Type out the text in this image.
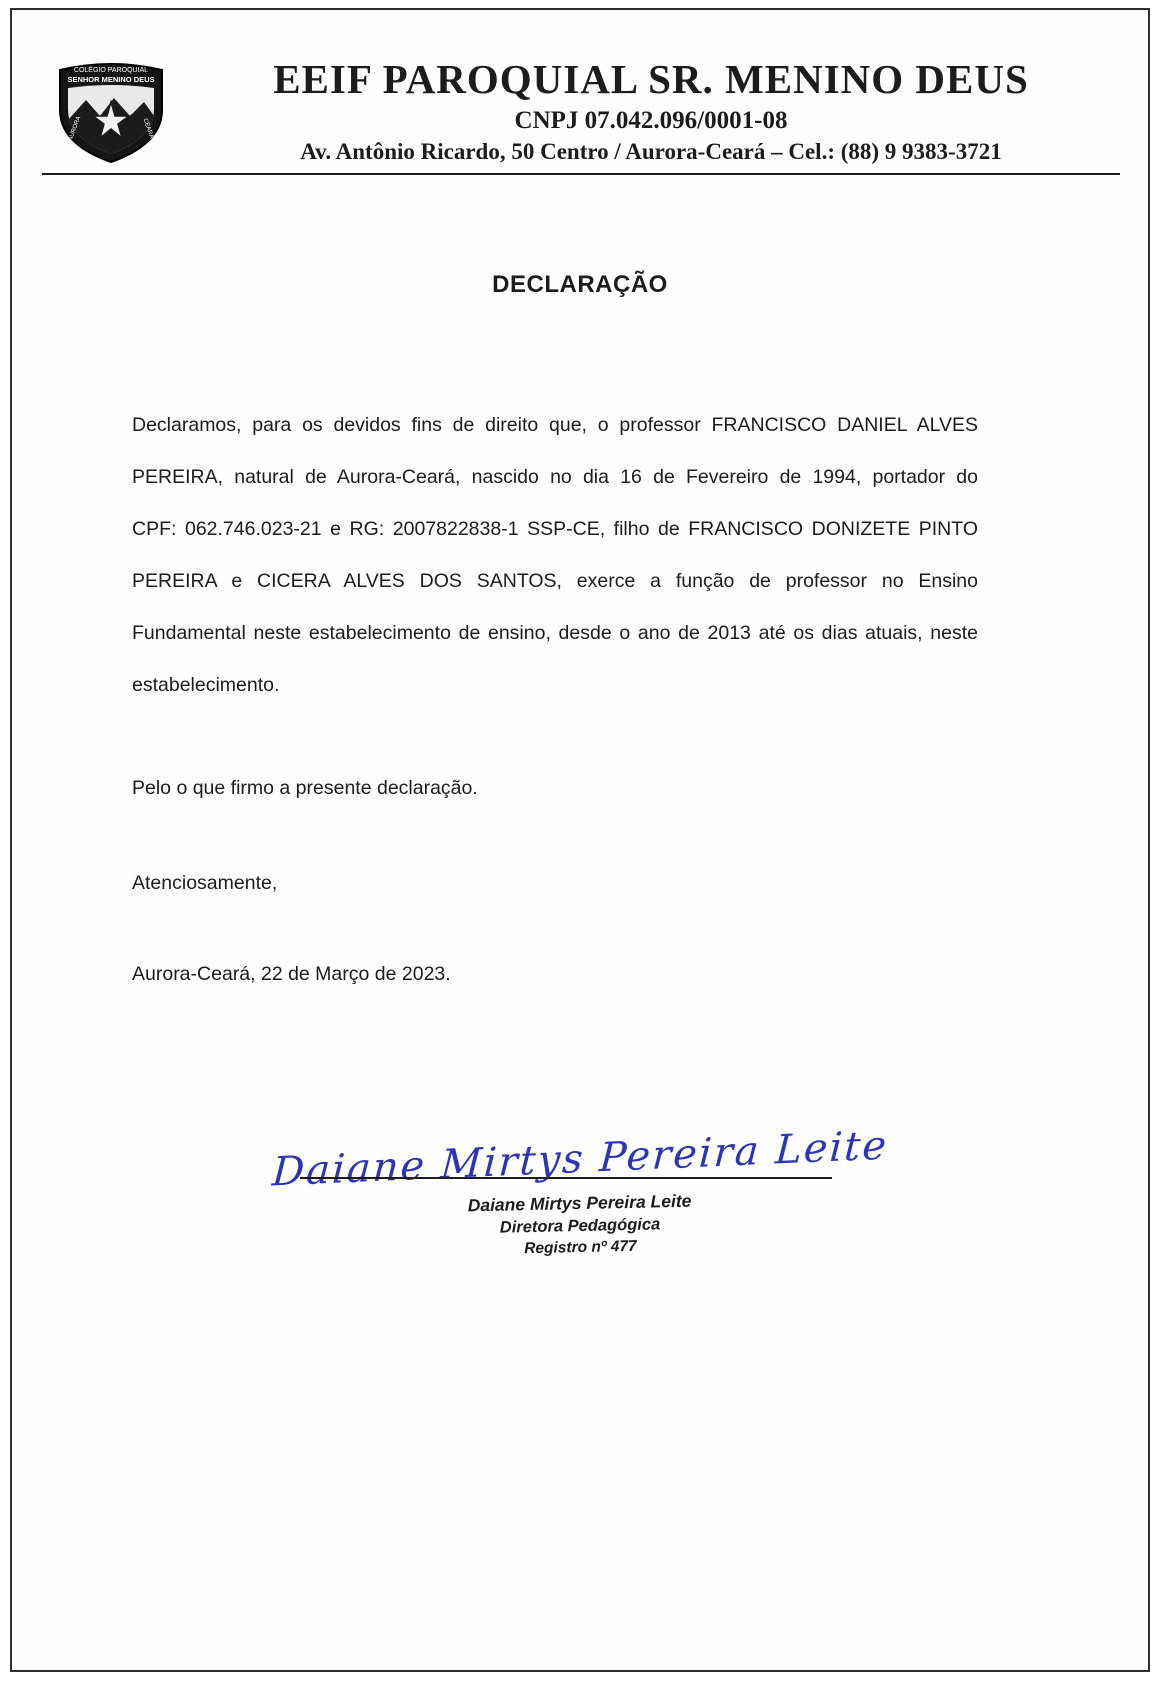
COLÉGIO PAROQUIAL
SENHOR MENINO DEUS
AURORA	CEARÁ
EEIF PAROQUIAL SR. MENINO DEUS
CNPJ 07.042.096/0001-08
Av. Antônio Ricardo, 50 Centro / Aurora-Ceará – Cel.: (88) 9 9383-3721
DECLARAÇÃO

Declaramos, para os devidos fins de direito que, o professor FRANCISCO DANIEL ALVES PEREIRA, natural de Aurora-Ceará, nascido no dia 16 de Fevereiro de 1994, portador do CPF: 062.746.023-21 e RG: 2007822838-1 SSP-CE, filho de FRANCISCO DONIZETE PINTO PEREIRA e CICERA ALVES DOS SANTOS, exerce a função de professor no Ensino Fundamental neste estabelecimento de ensino, desde o ano de 2013 até os dias atuais, neste estabelecimento.

Pelo o que firmo a presente declaração.

Atenciosamente,

Aurora-Ceará, 22 de Março de 2023.

Daiane Mirtys Pereira Leite
Daiane Mirtys Pereira Leite
Diretora Pedagógica
Registro nº 477
